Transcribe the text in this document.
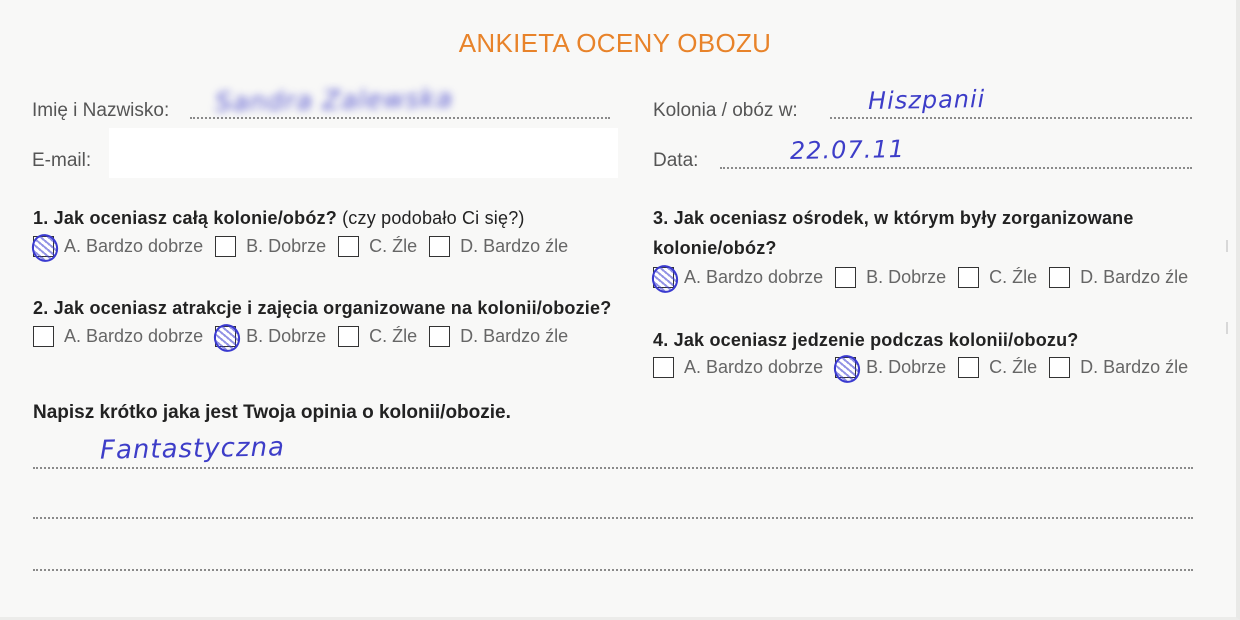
ANKIETA OCENY OBOZU
Imię i Nazwisko: Sandra Zalewska
E-mail:
Kolonia / obóz w:	Hiszpanii
Data:	22.07.11
1. Jak oceniasz całą kolonie/obóz? (czy podobało Ci się?)
A. Bardzo dobrze B. Dobrze C. Źle D. Bardzo źle
2. Jak oceniasz atrakcje i zajęcia organizowane na kolonii/obozie?
A. Bardzo dobrze B. Dobrze C. Źle D. Bardzo źle
3. Jak oceniasz ośrodek, w którym były zorganizowane
kolonie/obóz?
A. Bardzo dobrze B. Dobrze C. Źle D. Bardzo źle
4. Jak oceniasz jedzenie podczas kolonii/obozu?
A. Bardzo dobrze B. Dobrze C. Źle D. Bardzo źle
Napisz krótko jaka jest Twoja opinia o kolonii/obozie.
Fantastyczna
